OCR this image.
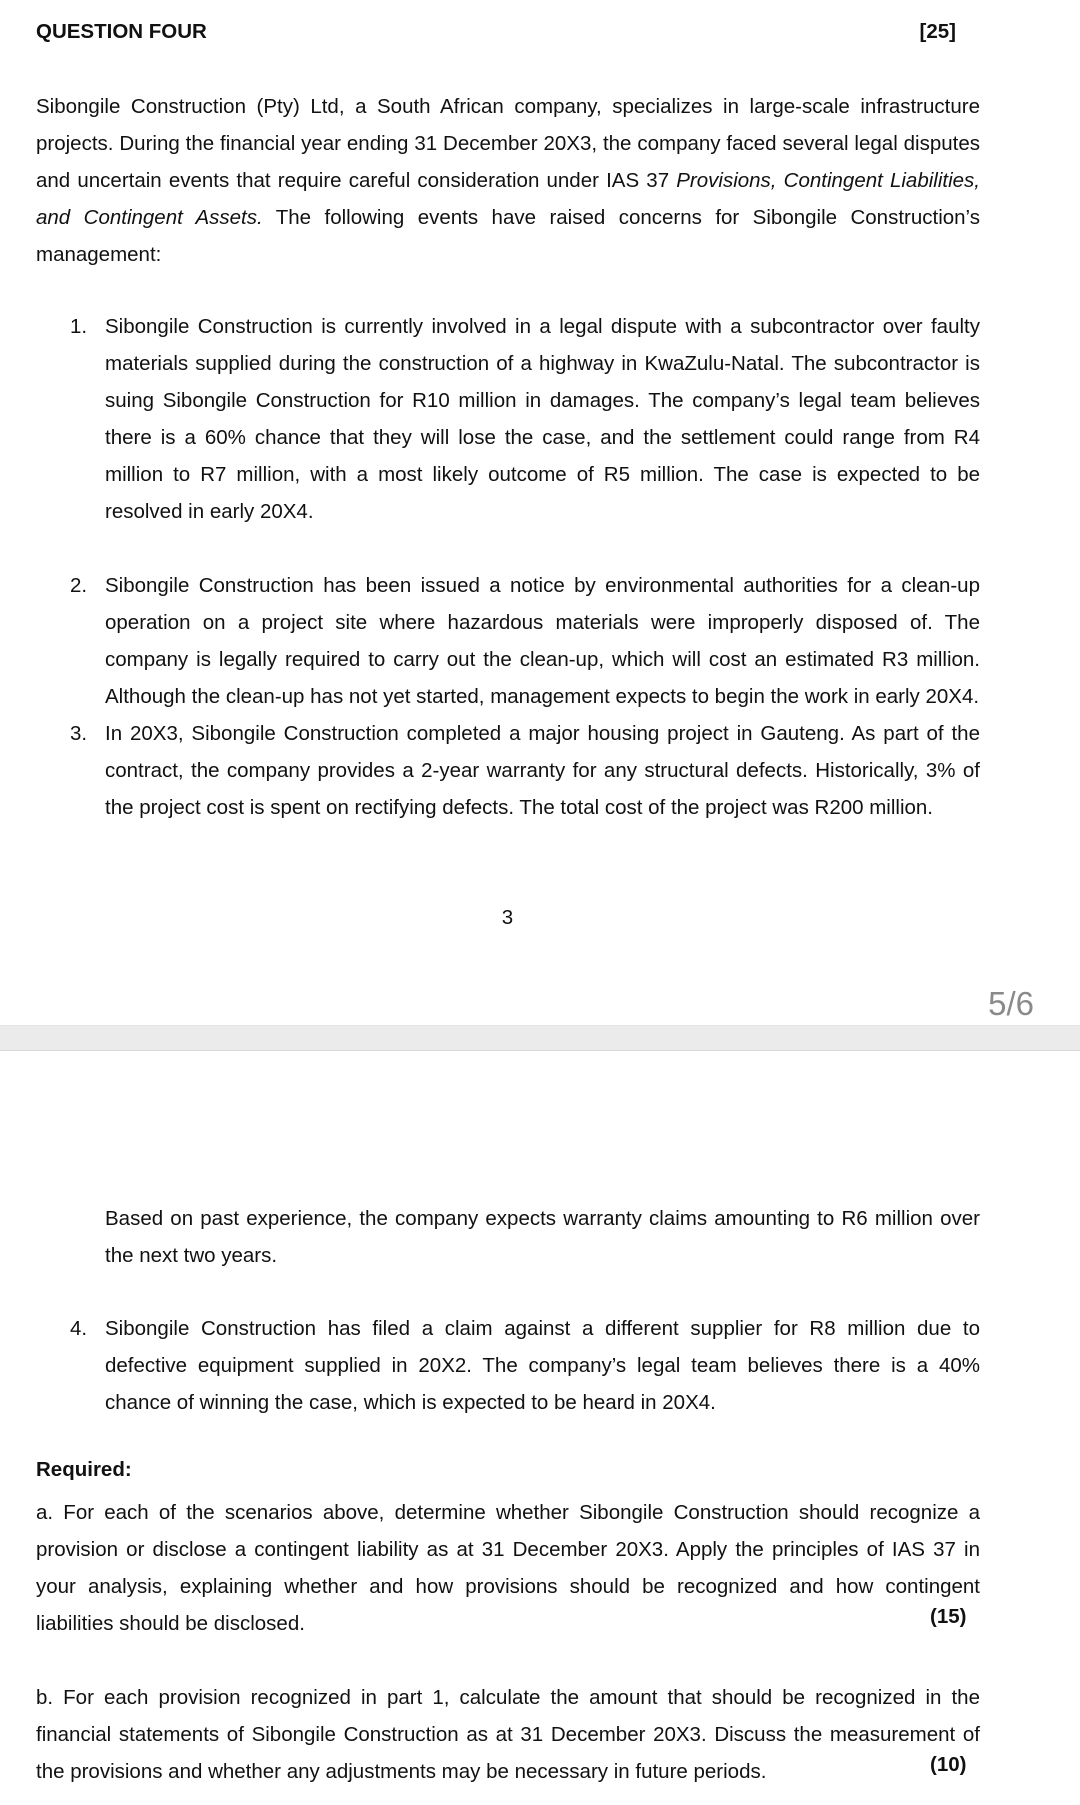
QUESTION FOUR	[25]
Sibongile Construction (Pty) Ltd, a South African company, specializes in large-scale infrastructure projects. During the financial year ending 31 December 20X3, the company faced several legal disputes and uncertain events that require careful consideration under IAS 37 Provisions, Contingent Liabilities, and Contingent Assets. The following events have raised concerns for Sibongile Construction’s management:
1. Sibongile Construction is currently involved in a legal dispute with a subcontractor over faulty materials supplied during the construction of a highway in KwaZulu-Natal. The subcontractor is suing Sibongile Construction for R10 million in damages. The company’s legal team believes there is a 60% chance that they will lose the case, and the settlement could range from R4 million to R7 million, with a most likely outcome of R5 million. The case is expected to be resolved in early 20X4.
2. Sibongile Construction has been issued a notice by environmental authorities for a clean-up operation on a project site where hazardous materials were improperly disposed of. The company is legally required to carry out the clean-up, which will cost an estimated R3 million. Although the clean-up has not yet started, management expects to begin the work in early 20X4.
3. In 20X3, Sibongile Construction completed a major housing project in Gauteng. As part of the contract, the company provides a 2-year warranty for any structural defects. Historically, 3% of the project cost is spent on rectifying defects. The total cost of the project was R200 million.
3
5/6
Based on past experience, the company expects warranty claims amounting to R6 million over the next two years.
4. Sibongile Construction has filed a claim against a different supplier for R8 million due to defective equipment supplied in 20X2. The company’s legal team believes there is a 40% chance of winning the case, which is expected to be heard in 20X4.
Required:
a. For each of the scenarios above, determine whether Sibongile Construction should recognize a provision or disclose a contingent liability as at 31 December 20X3. Apply the principles of IAS 37 in your analysis, explaining whether and how provisions should be recognized and how contingent liabilities should be disclosed.	(15)
b. For each provision recognized in part 1, calculate the amount that should be recognized in the financial statements of Sibongile Construction as at 31 December 20X3. Discuss the measurement of the provisions and whether any adjustments may be necessary in future periods.	(10)
